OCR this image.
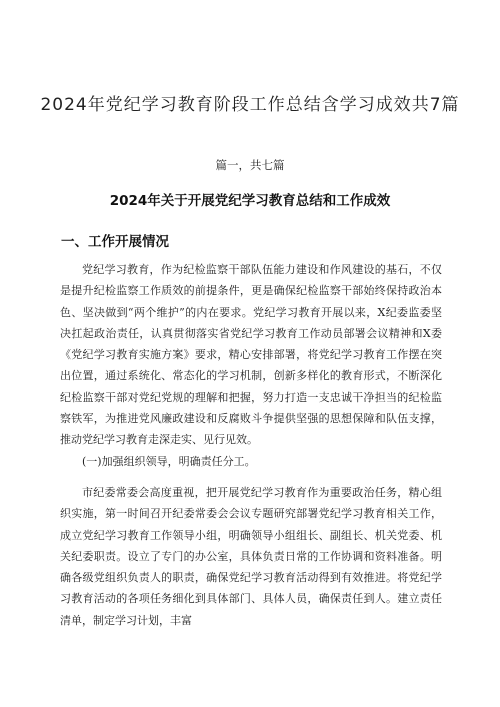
2024年党纪学习教育阶段工作总结含学习成效共7篇
篇一，共七篇
2024年关于开展党纪学习教育总结和工作成效
一、工作开展情况

党纪学习教育，作为纪检监察干部队伍能力建设和作风建设的基石，不仅是提升纪检监察工作质效的前提条件，更是确保纪检监察干部始终保持政治本色、坚决做到“两个维护”的内在要求。党纪学习教育开展以来，X纪委监委坚决扛起政治责任，认真贯彻落实省党纪学习教育工作动员部署会议精神和X委《党纪学习教育实施方案》要求，精心安排部署，将党纪学习教育工作摆在突出位置，通过系统化、常态化的学习机制，创新多样化的教育形式，不断深化纪检监察干部对党纪党规的理解和把握，努力打造一支忠诚干净担当的纪检监察铁军，为推进党风廉政建设和反腐败斗争提供坚强的思想保障和队伍支撑，推动党纪学习教育走深走实、见行见效。

(一)加强组织领导，明确责任分工。

市纪委常委会高度重视，把开展党纪学习教育作为重要政治任务，精心组织实施，第一时间召开纪委常委会会议专题研究部署党纪学习教育相关工作，成立党纪学习教育工作领导小组，明确领导小组组长、副组长、机关党委、机关纪委职责。设立了专门的办公室，具体负责日常的工作协调和资料准备。明确各级党组织负责人的职责，确保党纪学习教育活动得到有效推进。将党纪学习教育活动的各项任务细化到具体部门、具体人员，确保责任到人。建立责任清单，制定学习计划，丰富
